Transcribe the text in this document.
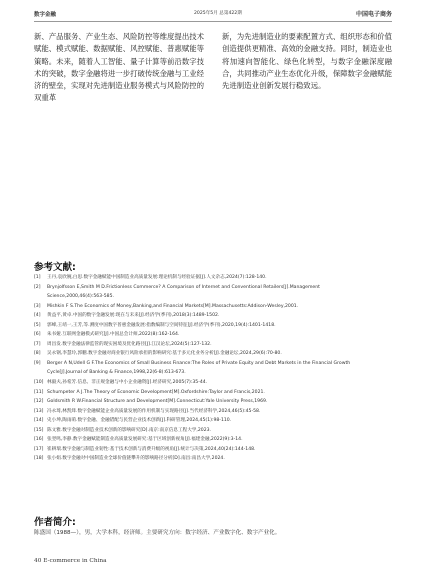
数字金融	2025年5月 总第422期	中国电子商务

新、产品服务、产业生态、风险防控等维度提出技术赋能、模式赋能、数据赋能、风控赋能、普惠赋能等策略。未来，随着人工智能、量子计算等前沿数字技术的突破，数字金融将进一步打破传统金融与工业经济的壁垒，实现对先进制造业服务模式与风险防控的双重革

新，为先进制造业的要素配置方式、组织形态和价值创造提供更精准、高效的金融支持。同时，制造业也将加速向智能化、绿色化转型，与数字金融深度融合，共同推动产业生态优化升级，保障数字金融赋能先进制造业创新发展行稳致远。

参考文献:
[1]	王丹,袁欣婉,白思.数字金融赋能中国制造业高质量发展:理论机制与经验证据[J].人文杂志,2024(7):128-140.
[2]	Brynjolfsson E,Smith M D.Frictionless Commerce? A Comparison of Internet and Conventional Retailers[J].Management
Science,2000,46(4):563-585.
[3]	Mishkin F S.The Economics of Money,Banking,and Financial Markets[M].Massachusetts:Addison-Wesley,2001.
[4]	黄益平,黄卓.中国的数字金融发展:现在与未来[J].经济学(季刊),2018(3):1489-1502.
[5]	郭峰,王靖一,王芳,等.测度中国数字普惠金融发展:指数编制与空间特征[J].经济学(季刊),2020,19(4):1401-1418.
[6]	朱书娅.互联网金融模式研究[J].中国总会计师,2022(8):162-164.
[7]	周昌发.数字金融法律监管的现实困境及优化路径[J].江汉论坛,2024(5):127-132.
[8]	吴永钢,李慧玲,郭鹏.数字金融对商业银行风险承担的影响研究:基于多元化业务分析[J].金融论坛,2024,29(6):70-80.
[9]	Berger A N,Udell G F.The Economics of Small Business Finance:The Roles of Private Equity and Debt Markets in the Financial Growth
Cycle[J].Journal of Banking & Finance,1998,22(6-8):613-673.
[10] 林毅夫,孙希芳.信息、非正规金融与中小企业融资[J].经济研究,2005(7):35-44.
[11] Schumpeter A J.The Theory of Economic Development[M].Oxfordshire:Taylor and Francis,2021.
[12] Goldsmith R W.Financial Structure and Development[M].Connecticut:Yale University Press,1969.
[13] 冯永琦,林凯烽.数字金融赋能企业高质量发展的作用机制与实现路径[J].当代经济科学,2024,46(5):45-58.
[14] 史小坤,陶雨萌.数字金融、金融错配与民营企业技术创新[J].科研管理,2024,45(1):98-110.
[15] 陈文雅.数字金融对制造业技术创新的影响研究[D].南京:南京信息工程大学,2023.
[16] 张翌鸣,李静.数字金融赋能制造业高质量发展研究:基于区域创新视角[J].福建金融,2022(9):3-14.
[17] 崔耕瑞.数字金融与制造业韧性:基于技术创新与消费升级的视角[J].统计与决策,2024,40(24):144-148.
[18] 张小娟.数字金融对中国制造业全球价值链攀升的影响路径分析[D].南昌:南昌大学,2024.
作者简介:
陈盛国（1988—），男，大学本科，经济师。主要研究方向：数字经济、产业数字化、数字产业化。
40 E-commerce in China
